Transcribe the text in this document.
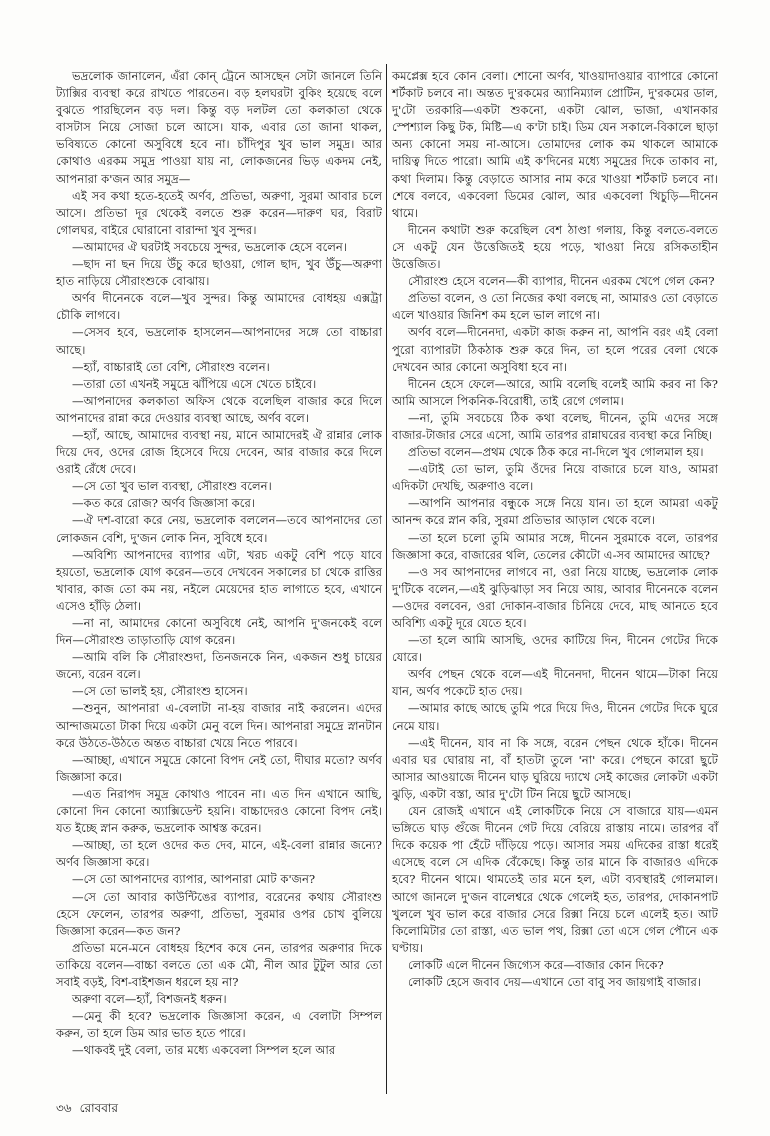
ভদ্রলোক জানালেন, এঁরা কোন্ ট্রেনে আসছেন সেটা জানলে তিনি ট্যাক্সির ব্যবস্থা করে রাখতে পারতেন। বড় হলঘরটা বুকিং হয়েছে বলে বুঝতে পারছিলেন বড় দল। কিন্তু বড় দলটল তো কলকাতা থেকে বাসটাস নিয়ে সোজা চলে আসে। যাক, এবার তো জানা থাকল, ভবিষ্যতে কোনো অসুবিধে হবে না। চাঁদিপুর খুব ভাল সমুদ্র। আর কোথাও এরকম সমুদ্র পাওয়া যায় না, লোকজনের ভিড় একদম নেই, আপনারা ক'জন আর সমুদ্র—

এই সব কথা হতে-হতেই অর্ণব, প্রতিভা, অরুণা, সুরমা আবার চলে আসে। প্রতিভা দূর থেকেই বলতে শুরু করেন—দারুণ ঘর, বিরাট গোলঘর, বাইরে ঘোরানো বারান্দা খুব সুন্দর।

—আমাদের ঐ ঘরটাই সবচেয়ে সুন্দর, ভদ্রলোক হেসে বলেন।

—ছাদ না ছন দিয়ে উঁচু করে ছাওয়া, গোল ছাদ, খুব উঁচু—অরুণা হাত নাড়িয়ে সৌরাংশুকে বোঝায়।

অর্ণব দীনেনকে বলে—খুব সুন্দর। কিন্তু আমাদের বোধহয় এক্সট্রা চৌকি লাগবে।

—সেসব হবে, ভদ্রলোক হাসলেন—আপনাদের সঙ্গে তো বাচ্চারা আছে।

—হ্যাঁ, বাচ্চারাই তো বেশি, সৌরাংশু বলেন।

—তারা তো এখনই সমুদ্রে ঝাঁপিয়ে এসে খেতে চাইবে।

—আপনাদের কলকাতা অফিস থেকে বলেছিল বাজার করে দিলে আপনাদের রান্না করে দেওয়ার ব্যবস্থা আছে, অর্ণব বলে।

—হ্যাঁ, আছে, আমাদের ব্যবস্থা নয়, মানে আমাদেরই ঐ রান্নার লোক দিয়ে দেব, ওদের রোজ হিসেবে দিয়ে দেবেন, আর বাজার করে দিলে ওরাই রেঁধে দেবে।

—সে তো খুব ভাল ব্যবস্থা, সৌরাংশু বলেন।

—কত করে রোজ? অর্ণব জিজ্ঞাসা করে।

—ঐ দশ-বারো করে নেয়, ভদ্রলোক বললেন—তবে আপনাদের তো লোকজন বেশি, দু'জন লোক নিন, সুবিধে হবে।

—অবিশ্যি আপনাদের ব্যাপার এটা, খরচ একটু বেশি পড়ে যাবে হয়তো, ভদ্রলোক যোগ করেন—তবে দেখবেন সকালের চা থেকে রাত্তির খাবার, কাজ তো কম নয়, নইলে মেয়েদের হাত লাগাতে হবে, এখানে এসেও হাঁড়ি ঠেলা।

—না না, আমাদের কোনো অসুবিধে নেই, আপনি দু'জনকেই বলে দিন—সৌরাংশু তাড়াতাড়ি যোগ করেন।

—আমি বলি কি সৌরাংশুদা, তিনজনকে নিন, একজন শুধু চায়ের জন্যে, বরেন বলে।

—সে তো ভালই হয়, সৌরাংশু হাসেন।

—শুনুন, আপনারা এ-বেলাটা না-হয় বাজার নাই করলেন। এদের আন্দাজমতো টাকা দিয়ে একটা মেনু বলে দিন। আপনারা সমুদ্রে স্নানটান করে উঠতে-উঠতে অন্তত বাচ্চারা খেয়ে নিতে পারবে।

—আচ্ছা, এখানে সমুদ্রে কোনো বিপদ নেই তো, দীঘার মতো? অর্ণব জিজ্ঞাসা করে।

—এত নিরাপদ সমুদ্র কোথাও পাবেন না। এত দিন এখানে আছি, কোনো দিন কোনো অ্যাক্সিডেন্ট হয়নি। বাচ্চাদেরও কোনো বিপদ নেই। যত ইচ্ছে স্নান করুক, ভদ্রলোক আশ্বস্ত করেন।

—আচ্ছা, তা হলে ওদের কত দেব, মানে, এই-বেলা রান্নার জন্যে? অর্ণব জিজ্ঞাসা করে।

—সে তো আপনাদের ব্যাপার, আপনারা মোট ক'জন?

—সে তো আবার কাউন্টিঙের ব্যাপার, বরেনের কথায় সৌরাংশু হেসে ফেলেন, তারপর অরুণা, প্রতিভা, সুরমার ওপর চোখ বুলিয়ে জিজ্ঞাসা করেন—কত জন?

প্রতিভা মনে-মনে বোধহয় হিশেব কষে নেন, তারপর অরুণার দিকে তাকিয়ে বলেন—বাচ্চা বলতে তো এক মৌ, নীল আর টুটুল আর তো সবাই বড়ই, বিশ-বাইশজন ধরলে হয় না?

অরুণা বলে—হ্যাঁ, বিশজনই ধরুন।

—মেনু কী হবে? ভদ্রলোক জিজ্ঞাসা করেন, এ বেলাটা সিম্পল করুন, তা হলে ডিম আর ভাত হতে পারে।

—থাকবই দুই বেলা, তার মধ্যে একবেলা সিম্পল হলে আর

কমপ্লেক্স হবে কোন বেলা। শোনো অর্ণব, খাওয়াদাওয়ার ব্যাপারে কোনো শর্টকাট চলবে না। অন্তত দু'রকমের অ্যানিম্যাল প্রোটিন, দু'রকমের ডাল, দু'টো তরকারি—একটা শুকনো, একটা ঝোল, ভাজা, এখানকার স্পেশ্যাল কিছু টক, মিষ্টি—এ ক'টা চাই। ডিম যেন সকালে-বিকালে ছাড়া অন্য কোনো সময় না-আসে। তোমাদের লোক কম থাকলে আমাকে দায়িত্ব দিতে পারো। আমি এই ক'দিনের মধ্যে সমুদ্রের দিকে তাকাব না, কথা দিলাম। কিন্তু বেড়াতে আসার নাম করে খাওয়া শর্টকাট চলবে না। শেষে বলবে, একবেলা ডিমের ঝোল, আর একবেলা খিচুড়ি—দীনেন থামে।

দীনেন কথাটা শুরু করেছিল বেশ ঠাণ্ডা গলায়, কিন্তু বলতে-বলতে সে একটু যেন উত্তেজিতই হয়ে পড়ে, খাওয়া নিয়ে রসিকতাহীন উত্তেজিত।

সৌরাংশু হেসে বলেন—কী ব্যাপার, দীনেন এরকম খেপে গেল কেন?

প্রতিভা বলেন, ও তো নিজের কথা বলছে না, আমারও তো বেড়াতে এলে খাওয়ার জিনিশ কম হলে ভাল লাগে না।

অর্ণব বলে—দীনেনদা, একটা কাজ করুন না, আপনি বরং এই বেলা পুরো ব্যাপারটা ঠিকঠাক শুরু করে দিন, তা হলে পরের বেলা থেকে দেখবেন আর কোনো অসুবিধা হবে না।

দীনেন হেসে ফেলে—আরে, আমি বলেছি বলেই আমি করব না কি? আমি আসলে পিকনিক-বিরোধী, তাই রেগে গেলাম।

—না, তুমি সবচেয়ে ঠিক কথা বলেছ, দীনেন, তুমি এদের সঙ্গে বাজার-টাজার সেরে এসো, আমি তারপর রান্নাঘরের ব্যবস্থা করে নিচ্ছি।

প্রতিভা বলেন—প্রথম থেকে ঠিক করে না-দিলে খুব গোলমাল হয়।

—এটাই তো ভাল, তুমি ওঁদের নিয়ে বাজারে চলে যাও, আমরা এদিকটা দেখছি, অরুণাও বলে।

—আপনি আপনার বন্ধুকে সঙ্গে নিয়ে যান। তা হলে আমরা একটু আনন্দ করে স্নান করি, সুরমা প্রতিভার আড়াল থেকে বলে।

—তা হলে চলো তুমি আমার সঙ্গে, দীনেন সুরমাকে বলে, তারপর জিজ্ঞাসা করে, বাজারের থলি, তেলের কৌটো এ-সব আমাদের আছে?

—ও সব আপনাদের লাগবে না, ওরা নিয়ে যাচ্ছে, ভদ্রলোক লোক দু'টিকে বলেন,—এই ঝুড়িঝাড়া সব নিয়ে আয়, আবার দীনেনকে বলেন—ওদের বলবেন, ওরা দোকান-বাজার চিনিয়ে দেবে, মাছ আনতে হবে অবিশ্যি একটু দূরে যেতে হবে।

—তা হলে আমি আসছি, ওদের কাটিয়ে দিন, দীনেন গেটের দিকে যোরে।

অর্ণব পেছন থেকে বলে—এই দীনেনদা, দীনেন থামে—টাকা নিয়ে যান, অর্ণব পকেটে হাত দেয়।

—আমার কাছে আছে তুমি পরে দিয়ে দিও, দীনেন গেটের দিকে ঘুরে নেমে যায়।

—এই দীনেন, যাব না কি সঙ্গে, বরেন পেছন থেকে হাঁকে। দীনেন এবার ঘর ঘোরায় না, বাঁ হাতটা তুলে 'না' করে। পেছনে কারো ছুটে আসার আওয়াজে দীনেন ঘাড় ঘুরিয়ে দ্যাখে সেই কাজের লোকটা একটা ঝুড়ি, একটা বস্তা, আর দু'টো টিন নিয়ে ছুটে আসছে।

যেন রোজই এখানে এই লোকটিকে নিয়ে সে বাজারে যায়—এমন ভঙ্গিতে ঘাড় গুঁজে দীনেন গেট দিয়ে বেরিয়ে রাস্তায় নামে। তারপর বাঁ দিকে কয়েক পা হেঁটে দাঁড়িয়ে পড়ে। আসার সময় এদিকের রাস্তা ধরেই এসেছে বলে সে এদিক বেঁকেছে। কিন্তু তার মানে কি বাজারও এদিকে হবে? দীনেন থামে। থামতেই তার মনে হল, এটা ব্যবস্থারই গোলমাল। আগে জানলে দু'জন বালেশ্বরে থেকে গেলেই হত, তারপর, দোকানপাট খুললে খুব ভাল করে বাজার সেরে রিক্সা নিয়ে চলে এলেই হত। আট কিলোমিটার তো রাস্তা, এত ভাল পথ, রিক্সা তো এসে গেল পৌনে এক ঘণ্টায়।

লোকটি এলে দীনেন জিগ্যেস করে—বাজার কোন দিকে?

লোকটি হেসে জবাব দেয়—এখানে তো বাবু সব জায়গাই বাজার।

৩৬ রোববার
